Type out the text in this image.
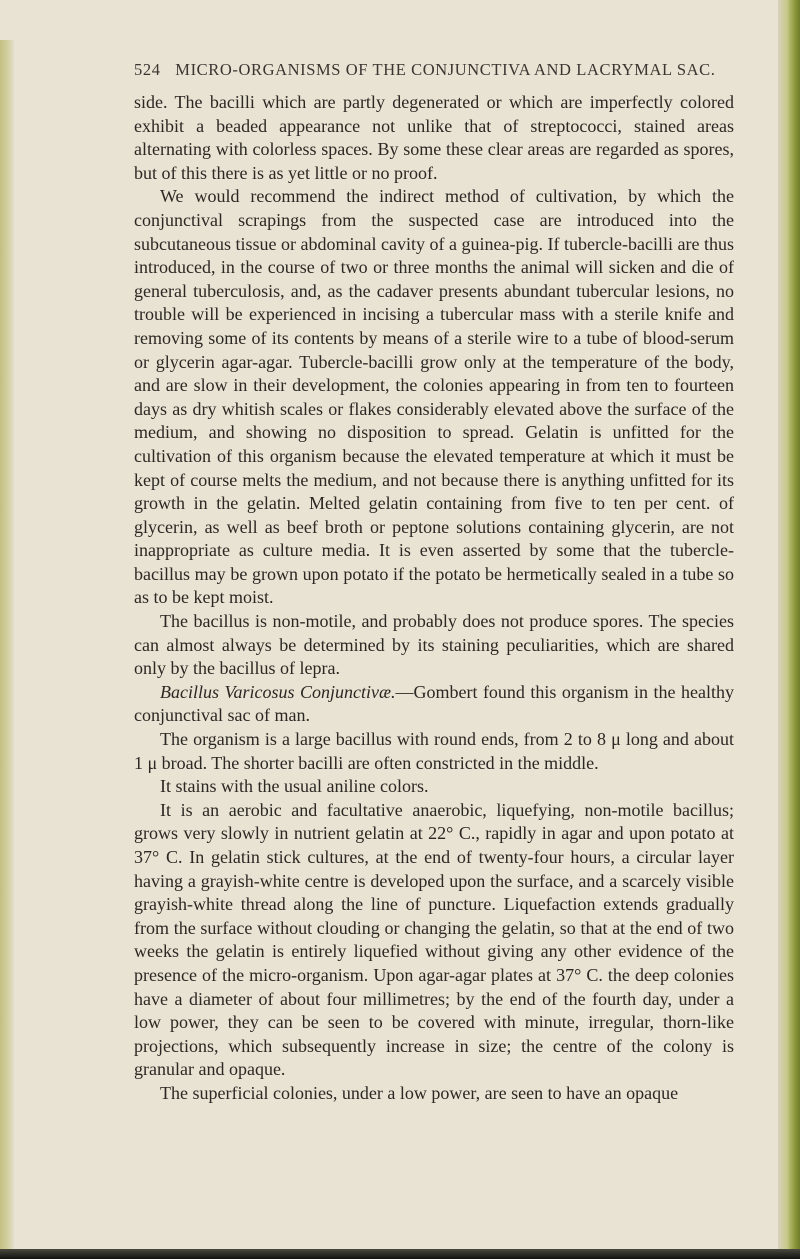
524 MICRO-ORGANISMS OF THE CONJUNCTIVA AND LACRYMAL SAC.

side. The bacilli which are partly degenerated or which are imperfectly colored exhibit a beaded appearance not unlike that of streptococci, stained areas alternating with colorless spaces. By some these clear areas are regarded as spores, but of this there is as yet little or no proof.

We would recommend the indirect method of cultivation, by which the conjunctival scrapings from the suspected case are introduced into the subcutaneous tissue or abdominal cavity of a guinea-pig. If tubercle-bacilli are thus introduced, in the course of two or three months the animal will sicken and die of general tuberculosis, and, as the cadaver presents abundant tubercular lesions, no trouble will be experienced in incising a tubercular mass with a sterile knife and removing some of its contents by means of a sterile wire to a tube of blood-serum or glycerin agar-agar. Tubercle-bacilli grow only at the temperature of the body, and are slow in their development, the colonies appearing in from ten to fourteen days as dry whitish scales or flakes considerably elevated above the surface of the medium, and showing no disposition to spread. Gelatin is unfitted for the cultivation of this organism because the elevated temperature at which it must be kept of course melts the medium, and not because there is anything unfitted for its growth in the gelatin. Melted gelatin containing from five to ten per cent. of glycerin, as well as beef broth or peptone solutions containing glycerin, are not inappropriate as culture media. It is even asserted by some that the tubercle-bacillus may be grown upon potato if the potato be hermetically sealed in a tube so as to be kept moist.

The bacillus is non-motile, and probably does not produce spores. The species can almost always be determined by its staining peculiarities, which are shared only by the bacillus of lepra.

Bacillus Varicosus Conjunctivæ.—Gombert found this organism in the healthy conjunctival sac of man.

The organism is a large bacillus with round ends, from 2 to 8 μ long and about 1 μ broad. The shorter bacilli are often constricted in the middle.

It stains with the usual aniline colors.

It is an aerobic and facultative anaerobic, liquefying, non-motile bacillus; grows very slowly in nutrient gelatin at 22° C., rapidly in agar and upon potato at 37° C. In gelatin stick cultures, at the end of twenty-four hours, a circular layer having a grayish-white centre is developed upon the surface, and a scarcely visible grayish-white thread along the line of puncture. Liquefaction extends gradually from the surface without clouding or changing the gelatin, so that at the end of two weeks the gelatin is entirely liquefied without giving any other evidence of the presence of the micro-organism. Upon agar-agar plates at 37° C. the deep colonies have a diameter of about four millimetres; by the end of the fourth day, under a low power, they can be seen to be covered with minute, irregular, thorn-like projections, which subsequently increase in size; the centre of the colony is granular and opaque.

The superficial colonies, under a low power, are seen to have an opaque
